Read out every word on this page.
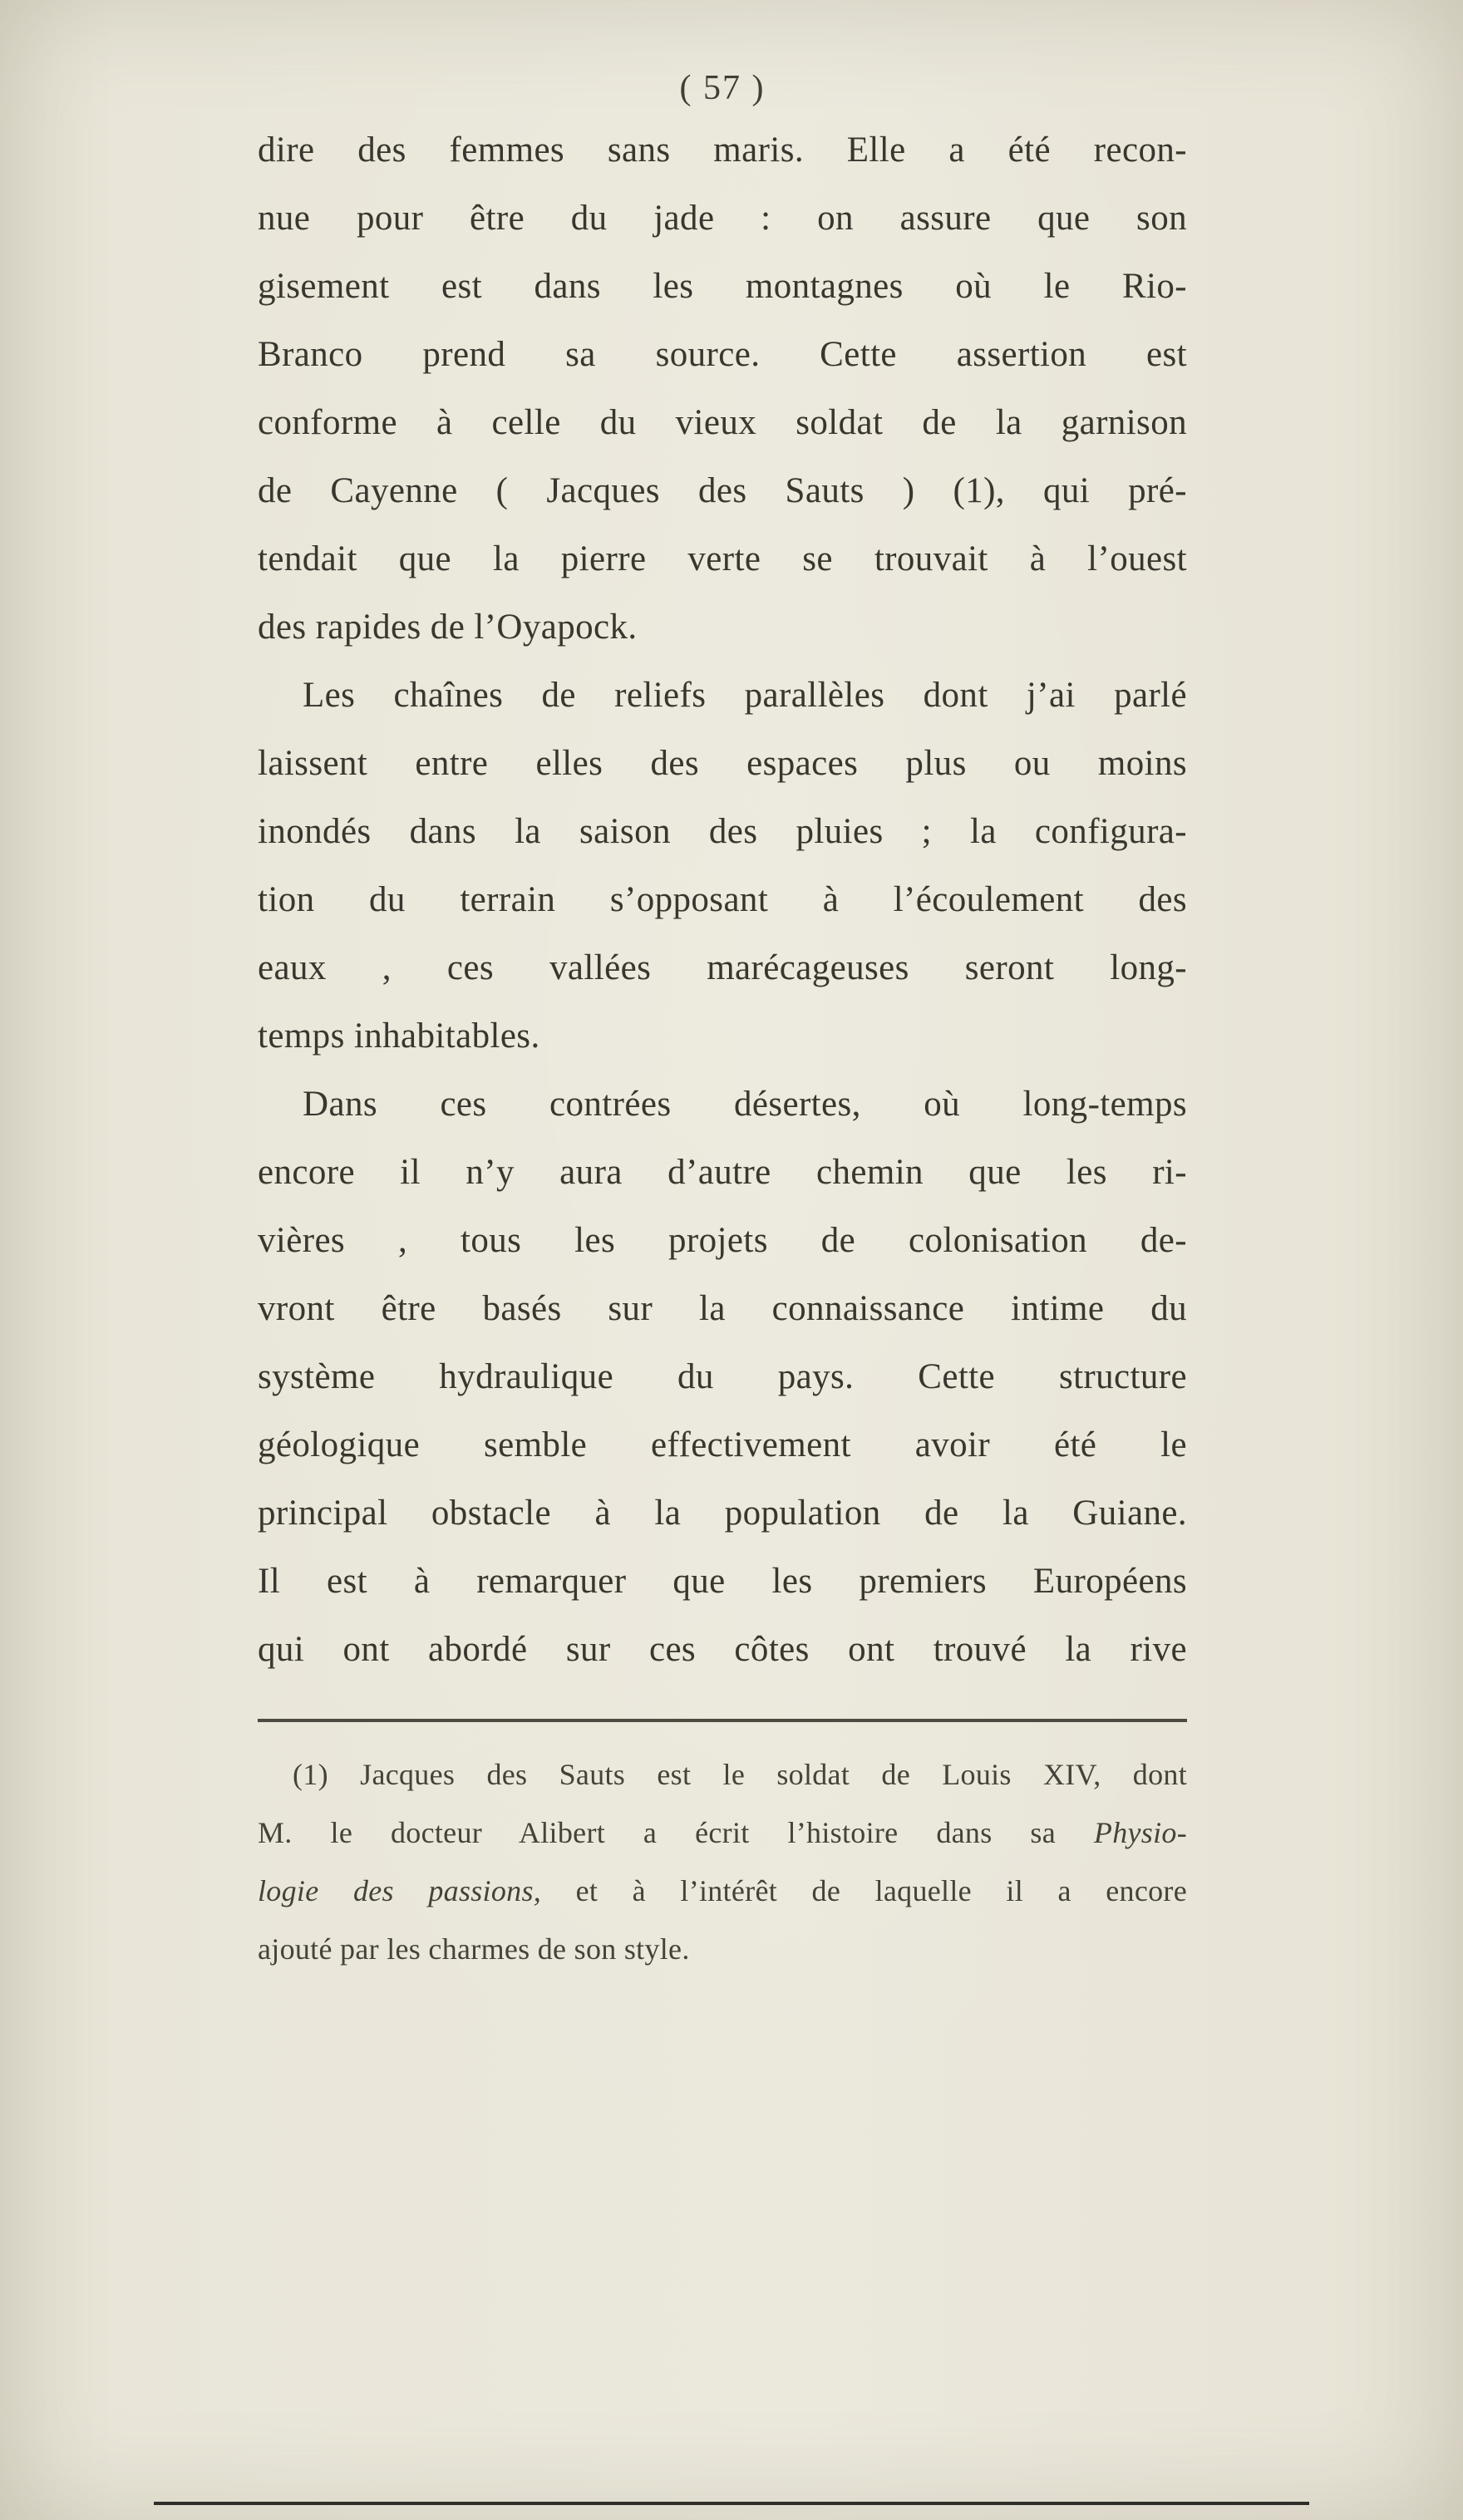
( 57 )
dire des femmes sans maris. Elle a été recon-
nue pour être du jade : on assure que son
gisement est dans les montagnes où le Rio-
Branco prend sa source. Cette assertion est
conforme à celle du vieux soldat de la garnison
de Cayenne ( Jacques des Sauts ) (1), qui pré-
tendait que la pierre verte se trouvait à l’ouest
des rapides de l’Oyapock.
Les chaînes de reliefs parallèles dont j’ai parlé
laissent entre elles des espaces plus ou moins
inondés dans la saison des pluies ; la configura-
tion du terrain s’opposant à l’écoulement des
eaux , ces vallées marécageuses seront long-
temps inhabitables.
Dans ces contrées désertes, où long-temps
encore il n’y aura d’autre chemin que les ri-
vières , tous les projets de colonisation de-
vront être basés sur la connaissance intime du
système hydraulique du pays. Cette structure
géologique semble effectivement avoir été le
principal obstacle à la population de la Guiane.
Il est à remarquer que les premiers Européens
qui ont abordé sur ces côtes ont trouvé la rive
(1) Jacques des Sauts est le soldat de Louis XIV, dont
M. le docteur Alibert a écrit l’histoire dans sa Physio-
logie des passions, et à l’intérêt de laquelle il a encore
ajouté par les charmes de son style.
